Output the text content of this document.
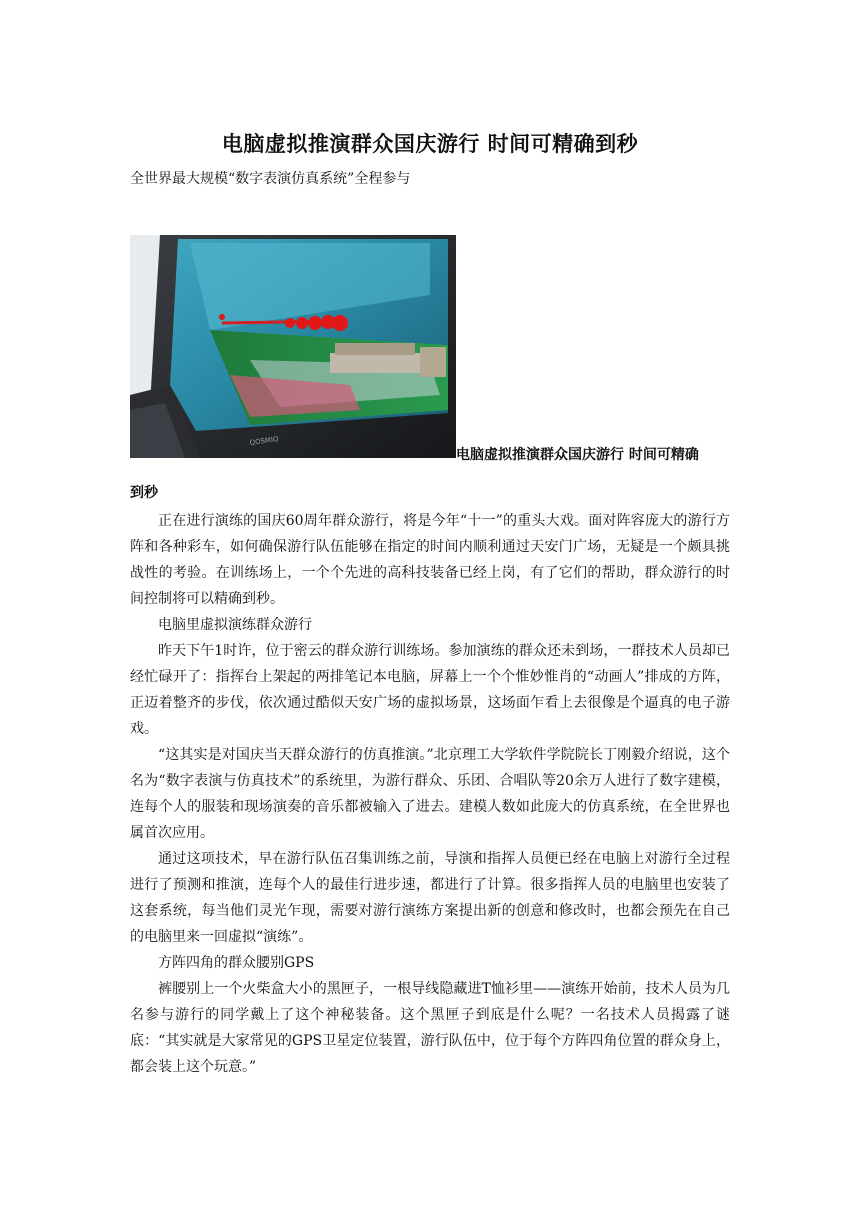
电脑虚拟推演群众国庆游行 时间可精确到秒
全世界最大规模“数字表演仿真系统”全程参与
QOSMIO
电脑虚拟推演群众国庆游行 时间可精确
到秒

正在进行演练的国庆60周年群众游行，将是今年“十一”的重头大戏。面对阵容庞大的游行方阵和各种彩车，如何确保游行队伍能够在指定的时间内顺利通过天安门广场，无疑是一个颇具挑战性的考验。在训练场上，一个个先进的高科技装备已经上岗，有了它们的帮助，群众游行的时间控制将可以精确到秒。

电脑里虚拟演练群众游行

昨天下午1时许，位于密云的群众游行训练场。参加演练的群众还未到场，一群技术人员却已经忙碌开了：指挥台上架起的两排笔记本电脑，屏幕上一个个惟妙惟肖的“动画人”排成的方阵，正迈着整齐的步伐，依次通过酷似天安广场的虚拟场景，这场面乍看上去很像是个逼真的电子游戏。

“这其实是对国庆当天群众游行的仿真推演。”北京理工大学软件学院院长丁刚毅介绍说，这个名为“数字表演与仿真技术”的系统里，为游行群众、乐团、合唱队等20余万人进行了数字建模，连每个人的服装和现场演奏的音乐都被输入了进去。建模人数如此庞大的仿真系统，在全世界也属首次应用。

通过这项技术，早在游行队伍召集训练之前，导演和指挥人员便已经在电脑上对游行全过程进行了预测和推演，连每个人的最佳行进步速，都进行了计算。很多指挥人员的电脑里也安装了这套系统，每当他们灵光乍现，需要对游行演练方案提出新的创意和修改时，也都会预先在自己的电脑里来一回虚拟“演练”。

方阵四角的群众腰别GPS

裤腰别上一个火柴盒大小的黑匣子，一根导线隐藏进T恤衫里——演练开始前，技术人员为几名参与游行的同学戴上了这个神秘装备。这个黑匣子到底是什么呢？一名技术人员揭露了谜底：“其实就是大家常见的GPS卫星定位装置，游行队伍中，位于每个方阵四角位置的群众身上，都会装上这个玩意。”
